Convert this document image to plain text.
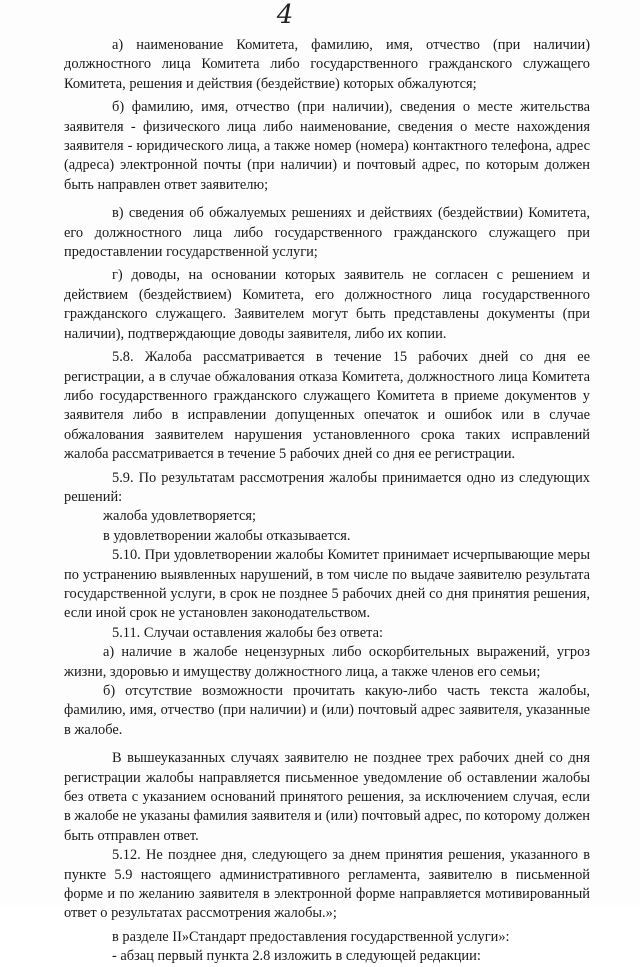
4

а) наименование Комитета, фамилию, имя, отчество (при наличии) должностного лица Комитета либо государственного гражданского служащего Комитета, решения и действия (бездействие) которых обжалуются;

б) фамилию, имя, отчество (при наличии), сведения о месте жительства заявителя - физического лица либо наименование, сведения о месте нахождения заявителя - юридического лица, а также номер (номера) контактного телефона, адрес (адреса) электронной почты (при наличии) и почтовый адрес, по которым должен быть направлен ответ заявителю;

в) сведения об обжалуемых решениях и действиях (бездействии) Комитета, его должностного лица либо государственного гражданского служащего при предоставлении государственной услуги;

г) доводы, на основании которых заявитель не согласен с решением и действием (бездействием) Комитета, его должностного лица государственного гражданского служащего. Заявителем могут быть представлены документы (при наличии), подтверждающие доводы заявителя, либо их копии.

5.8. Жалоба рассматривается в течение 15 рабочих дней со дня ее регистрации, а в случае обжалования отказа Комитета, должностного лица Комитета либо государственного гражданского служащего Комитета в приеме документов у заявителя либо в исправлении допущенных опечаток и ошибок или в случае обжалования заявителем нарушения установленного срока таких исправлений жалоба рассматривается в течение 5 рабочих дней со дня ее регистрации.

5.9. По результатам рассмотрения жалобы принимается одно из следующих решений:

жалоба удовлетворяется;

в удовлетворении жалобы отказывается.

5.10. При удовлетворении жалобы Комитет принимает исчерпывающие меры по устранению выявленных нарушений, в том числе по выдаче заявителю результата государственной услуги, в срок не позднее 5 рабочих дней со дня принятия решения, если иной срок не установлен законодательством.

5.11. Случаи оставления жалобы без ответа:

а) наличие в жалобе нецензурных либо оскорбительных выражений, угроз жизни, здоровью и имуществу должностного лица, а также членов его семьи;

б) отсутствие возможности прочитать какую-либо часть текста жалобы, фамилию, имя, отчество (при наличии) и (или) почтовый адрес заявителя, указанные в жалобе.

В вышеуказанных случаях заявителю не позднее трех рабочих дней со дня регистрации жалобы направляется письменное уведомление об оставлении жалобы без ответа с указанием оснований принятого решения, за исключением случая, если в жалобе не указаны фамилия заявителя и (или) почтовый адрес, по которому должен быть отправлен ответ.

5.12. Не позднее дня, следующего за днем принятия решения, указанного в пункте 5.9 настоящего административного регламента, заявителю в письменной форме и по желанию заявителя в электронной форме направляется мотивированный ответ о результатах рассмотрения жалобы.»;

в разделе II»Стандарт предоставления государственной услуги»:

- абзац первый пункта 2.8 изложить в следующей редакции:
